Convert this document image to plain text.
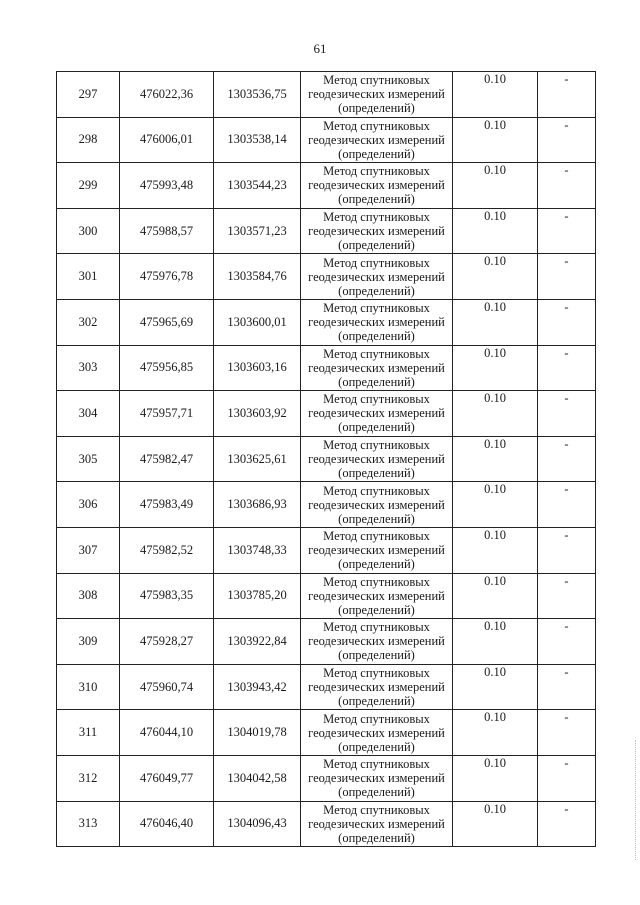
61
297	476022,36	1303536,75	Метод спутниковых
геодезических измерений
(определений)	0.10	-
298	476006,01	1303538,14	Метод спутниковых
геодезических измерений
(определений)	0.10	-
299	475993,48	1303544,23	Метод спутниковых
геодезических измерений
(определений)	0.10	-
300	475988,57	1303571,23	Метод спутниковых
геодезических измерений
(определений)	0.10	-
301	475976,78	1303584,76	Метод спутниковых
геодезических измерений
(определений)	0.10	-
302	475965,69	1303600,01	Метод спутниковых
геодезических измерений
(определений)	0.10	-
303	475956,85	1303603,16	Метод спутниковых
геодезических измерений
(определений)	0.10	-
304	475957,71	1303603,92	Метод спутниковых
геодезических измерений
(определений)	0.10	-
305	475982,47	1303625,61	Метод спутниковых
геодезических измерений
(определений)	0.10	-
306	475983,49	1303686,93	Метод спутниковых
геодезических измерений
(определений)	0.10	-
307	475982,52	1303748,33	Метод спутниковых
геодезических измерений
(определений)	0.10	-
308	475983,35	1303785,20	Метод спутниковых
геодезических измерений
(определений)	0.10	-
309	475928,27	1303922,84	Метод спутниковых
геодезических измерений
(определений)	0.10	-
310	475960,74	1303943,42	Метод спутниковых
геодезических измерений
(определений)	0.10	-
311	476044,10	1304019,78	Метод спутниковых
геодезических измерений
(определений)	0.10	-
312	476049,77	1304042,58	Метод спутниковых
геодезических измерений
(определений)	0.10	-
313	476046,40	1304096,43	Метод спутниковых
геодезических измерений
(определений)	0.10	-
